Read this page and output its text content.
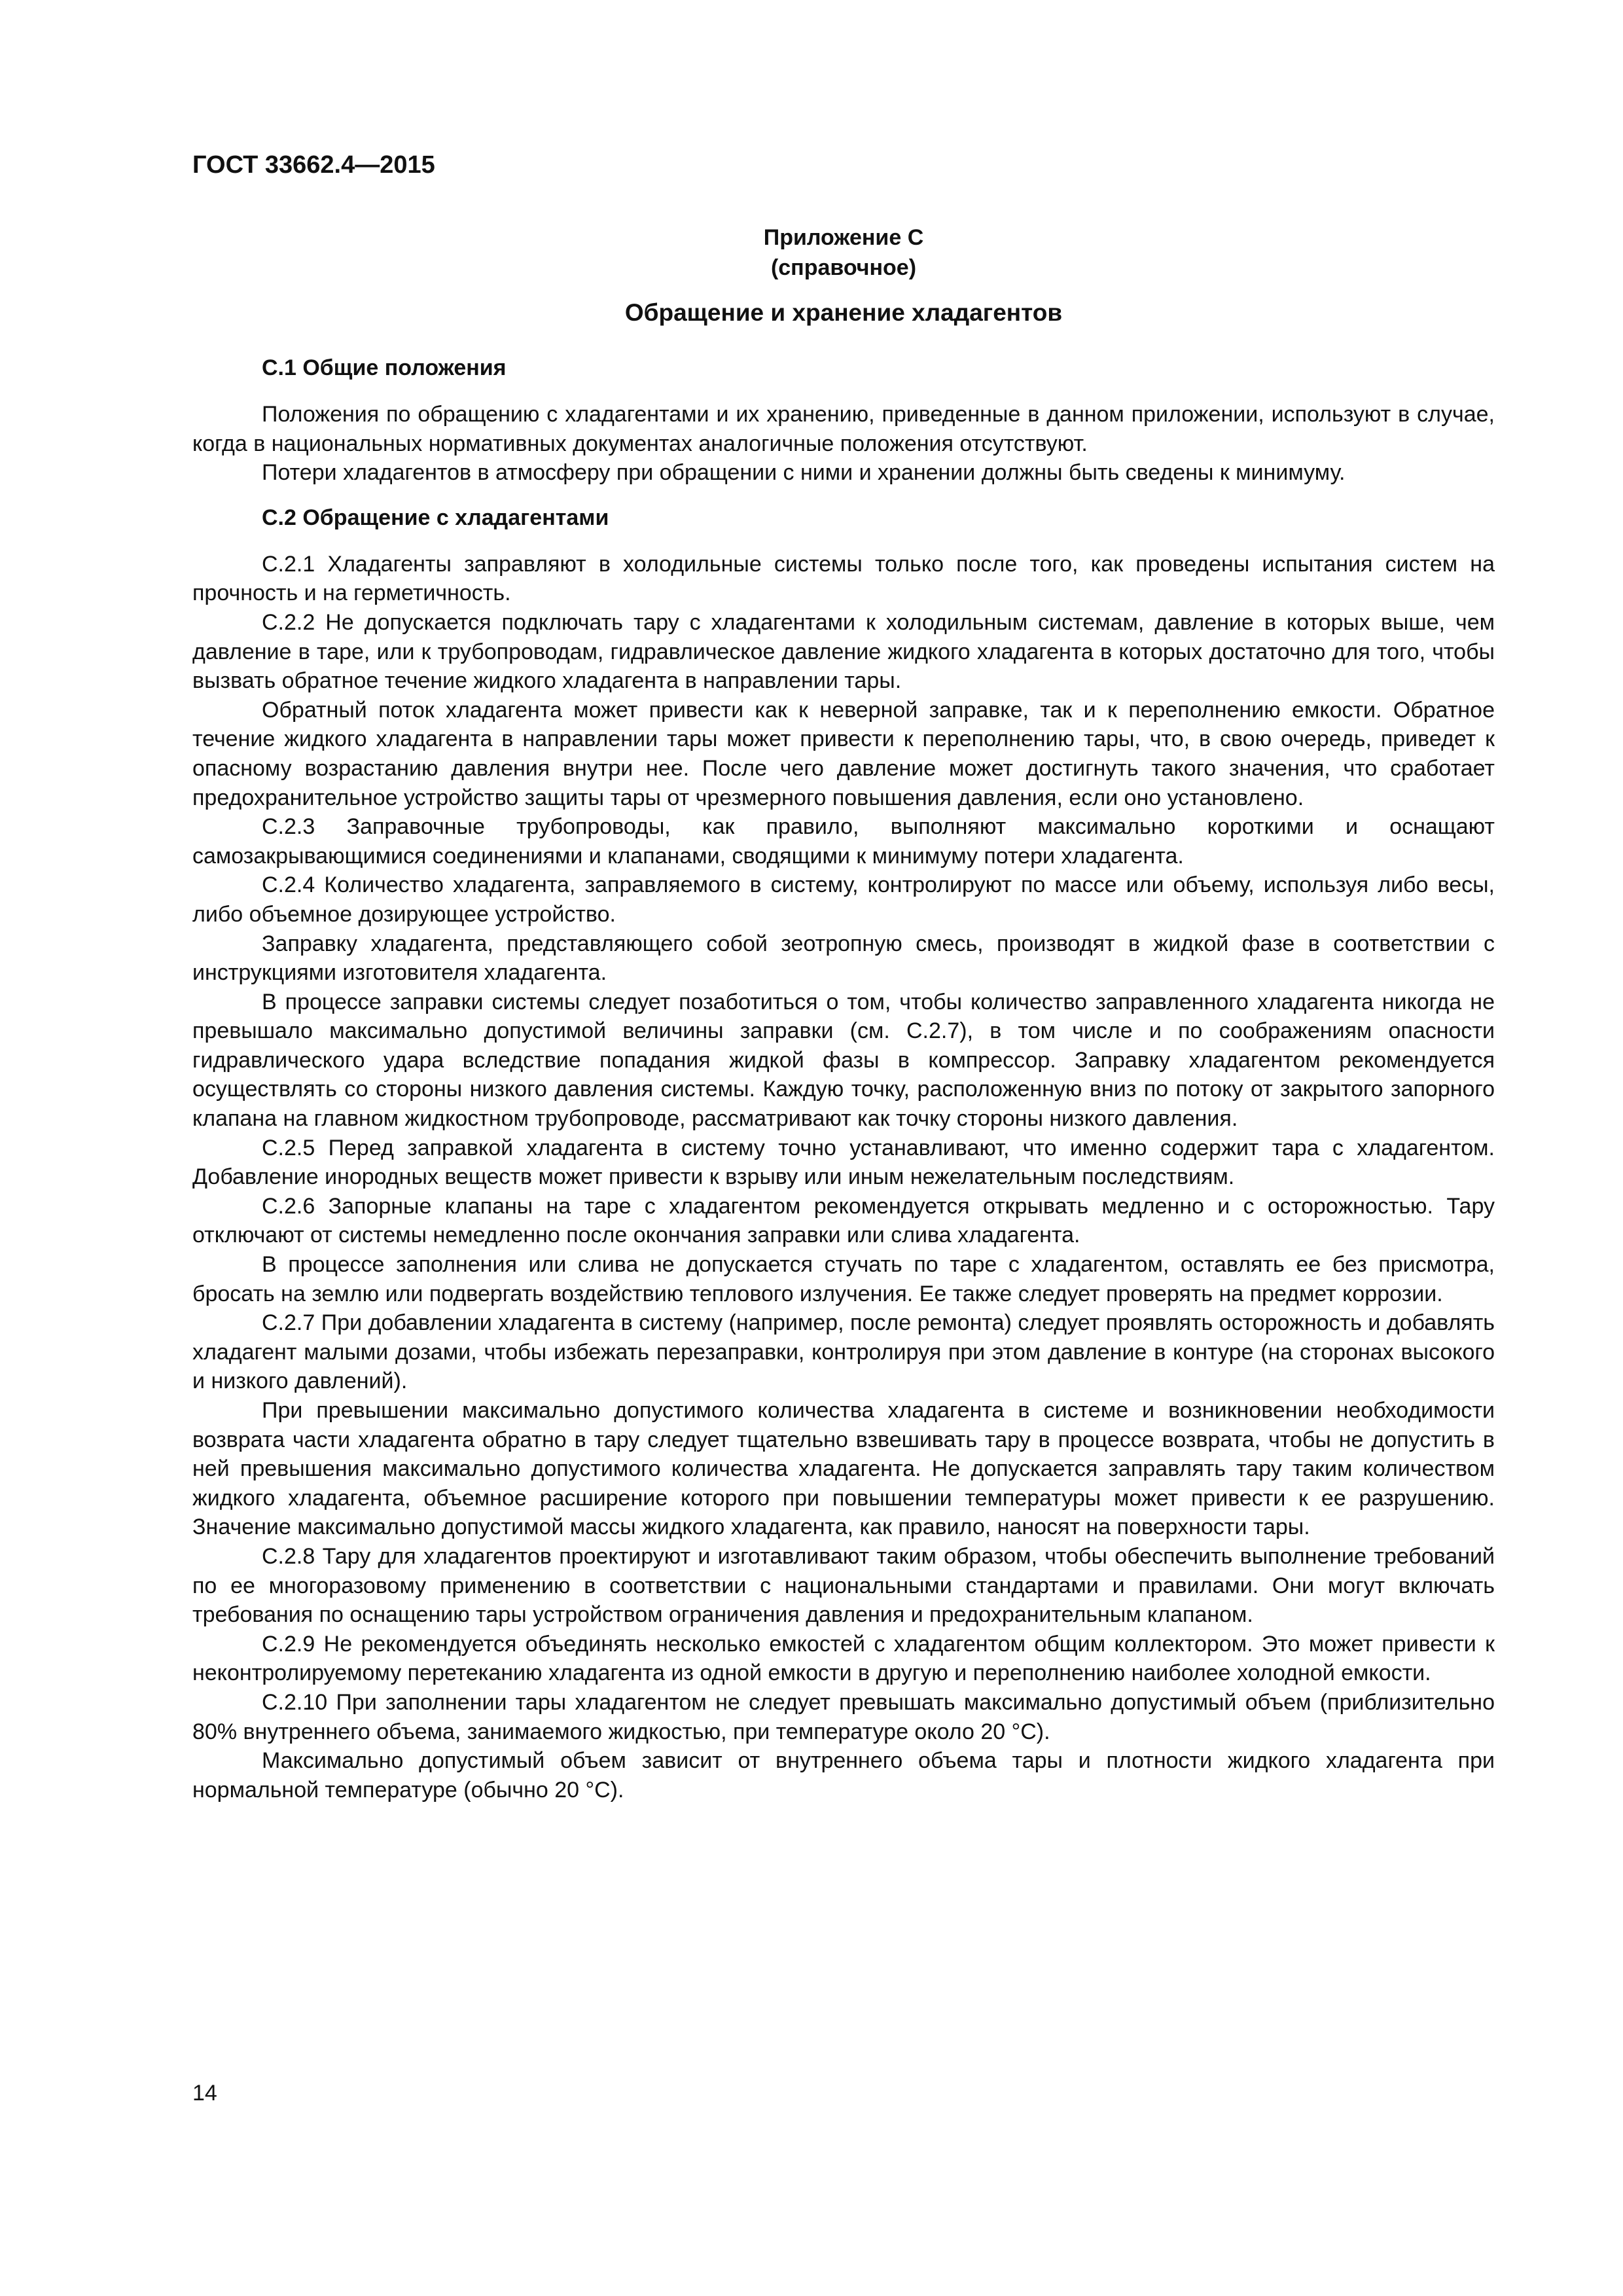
ГОСТ 33662.4—2015

Приложение С

(справочное)

Обращение и хранение хладагентов

С.1 Общие положения

Положения по обращению с хладагентами и их хранению, приведенные в данном приложении, используют в случае, когда в национальных нормативных документах аналогичные положения отсутствуют.

Потери хладагентов в атмосферу при обращении с ними и хранении должны быть сведены к минимуму.

С.2 Обращение с хладагентами

С.2.1 Хладагенты заправляют в холодильные системы только после того, как проведены испытания систем на прочность и на герметичность.

С.2.2 Не допускается подключать тару с хладагентами к холодильным системам, давление в которых выше, чем давление в таре, или к трубопроводам, гидравлическое давление жидкого хладагента в которых достаточно для того, чтобы вызвать обратное течение жидкого хладагента в направлении тары.

Обратный поток хладагента может привести как к неверной заправке, так и к переполнению емкости. Обратное течение жидкого хладагента в направлении тары может привести к переполнению тары, что, в свою очередь, приведет к опасному возрастанию давления внутри нее. После чего давление может достигнуть такого значения, что сработает предохранительное устройство защиты тары от чрезмерного повышения давления, если оно установлено.

С.2.3 Заправочные трубопроводы, как правило, выполняют максимально короткими и оснащают самозакрывающимися соединениями и клапанами, сводящими к минимуму потери хладагента.

С.2.4 Количество хладагента, заправляемого в систему, контролируют по массе или объему, используя либо весы, либо объемное дозирующее устройство.

Заправку хладагента, представляющего собой зеотропную смесь, производят в жидкой фазе в соответствии с инструкциями изготовителя хладагента.

В процессе заправки системы следует позаботиться о том, чтобы количество заправленного хладагента никогда не превышало максимально допустимой величины заправки (см. С.2.7), в том числе и по соображениям опасности гидравлического удара вследствие попадания жидкой фазы в компрессор. Заправку хладагентом рекомендуется осуществлять со стороны низкого давления системы. Каждую точку, расположенную вниз по потоку от закрытого запорного клапана на главном жидкостном трубопроводе, рассматривают как точку стороны низкого давления.

С.2.5 Перед заправкой хладагента в систему точно устанавливают, что именно содержит тара с хладагентом. Добавление инородных веществ может привести к взрыву или иным нежелательным последствиям.

С.2.6 Запорные клапаны на таре с хладагентом рекомендуется открывать медленно и с осторожностью. Тару отключают от системы немедленно после окончания заправки или слива хладагента.

В процессе заполнения или слива не допускается стучать по таре с хладагентом, оставлять ее без присмотра, бросать на землю или подвергать воздействию теплового излучения. Ее также следует проверять на предмет коррозии.

С.2.7 При добавлении хладагента в систему (например, после ремонта) следует проявлять осторожность и добавлять хладагент малыми дозами, чтобы избежать перезаправки, контролируя при этом давление в контуре (на сторонах высокого и низкого давлений).

При превышении максимально допустимого количества хладагента в системе и возникновении необходимости возврата части хладагента обратно в тару следует тщательно взвешивать тару в процессе возврата, чтобы не допустить в ней превышения максимально допустимого количества хладагента. Не допускается заправлять тару таким количеством жидкого хладагента, объемное расширение которого при повышении температуры может привести к ее разрушению. Значение максимально допустимой массы жидкого хладагента, как правило, наносят на поверхности тары.

С.2.8 Тару для хладагентов проектируют и изготавливают таким образом, чтобы обеспечить выполнение требований по ее многоразовому применению в соответствии с национальными стандартами и правилами. Они могут включать требования по оснащению тары устройством ограничения давления и предохранительным клапаном.

С.2.9 Не рекомендуется объединять несколько емкостей с хладагентом общим коллектором. Это может привести к неконтролируемому перетеканию хладагента из одной емкости в другую и переполнению наиболее холодной емкости.

С.2.10 При заполнении тары хладагентом не следует превышать максимально допустимый объем (приблизительно 80% внутреннего объема, занимаемого жидкостью, при температуре около 20 °С).

Максимально допустимый объем зависит от внутреннего объема тары и плотности жидкого хладагента при нормальной температуре (обычно 20 °С).

14
